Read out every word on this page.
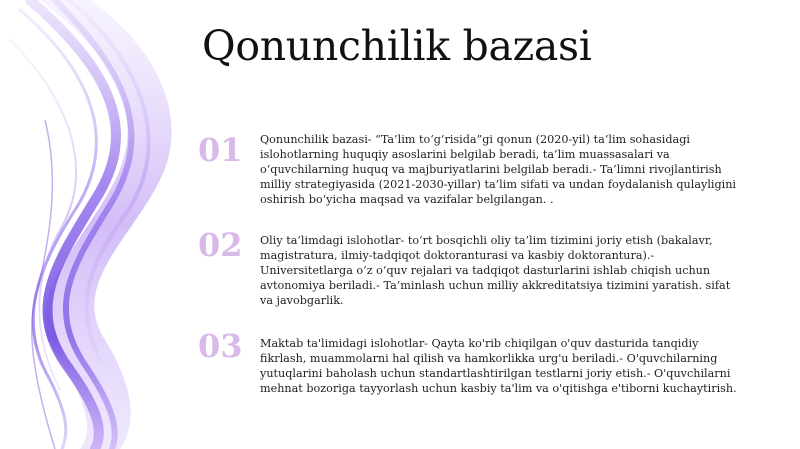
Qonunchilik bazasi
01	Qonunchilik bazasi- “Ta’lim to‘g‘risida”gi qonun (2020-yil) ta’lim sohasidagi islohotlarning huquqiy asoslarini belgilab beradi, ta’lim muassasalari va o‘quvchilarning huquq va majburiyatlarini belgilab beradi.- Ta’limni rivojlantirish milliy strategiyasida (2021-2030-yillar) ta’lim sifati va undan foydalanish qulayligini oshirish bo‘yicha maqsad va vazifalar belgilangan. .
02	Oliy ta’limdagi islohotlar- to‘rt bosqichli oliy ta’lim tizimini joriy etish (bakalavr, magistratura, ilmiy-tadqiqot doktoranturasi va kasbiy doktorantura).- Universitetlarga o‘z o‘quv rejalari va tadqiqot dasturlarini ishlab chiqish uchun avtonomiya beriladi.- Ta’minlash uchun milliy akkreditatsiya tizimini yaratish. sifat va javobgarlik.
03	Maktab ta'limidagi islohotlar- Qayta ko'rib chiqilgan o'quv dasturida tanqidiy fikrlash, muammolarni hal qilish va hamkorlikka urg'u beriladi.- O'quvchilarning yutuqlarini baholash uchun standartlashtirilgan testlarni joriy etish.- O'quvchilarni mehnat bozoriga tayyorlash uchun kasbiy ta'lim va o'qitishga e'tiborni kuchaytirish.
